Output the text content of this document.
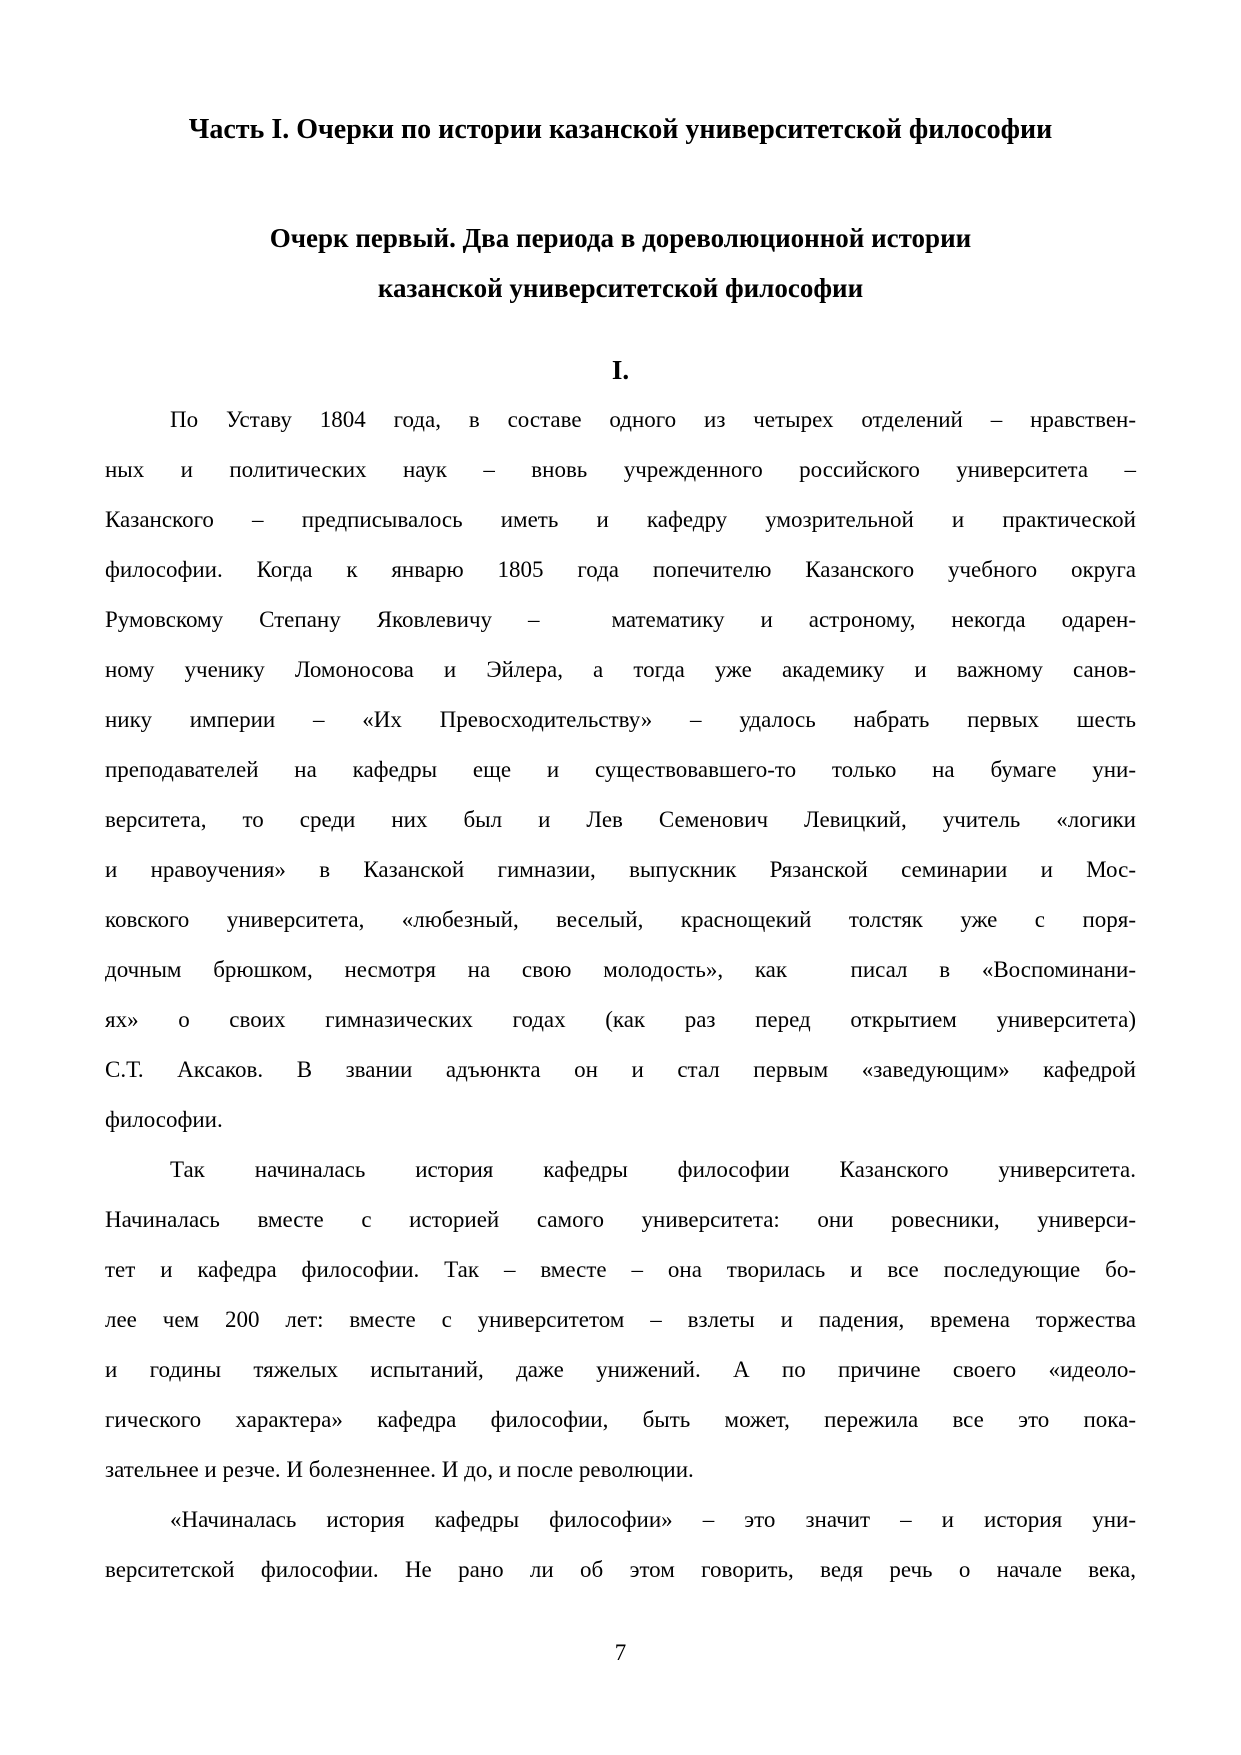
Часть I. Очерки по истории казанской университетской философии
Очерк первый. Два периода в дореволюционной истории
казанской университетской философии
I.
По Уставу 1804 года, в составе одного из четырех отделений – нравствен-
ных и политических наук – вновь учрежденного российского университета –
Казанского – предписывалось иметь и кафедру умозрительной и практической
философии. Когда к январю 1805 года попечителю Казанского учебного округа
Румовскому Степану Яковлевичу –  математику и астроному, некогда одарен-
ному ученику Ломоносова и Эйлера, а тогда уже академику и важному санов-
нику империи – «Их Превосходительству» – удалось набрать первых шесть
преподавателей на кафедры еще и существовавшего-то только на бумаге уни-
верситета, то среди них был и Лев Семенович Левицкий, учитель «логики
и нравоучения» в Казанской гимназии, выпускник Рязанской семинарии и Мос-
ковского университета, «любезный, веселый, краснощекий толстяк уже с поря-
дочным брюшком, несмотря на свою молодость», как  писал в «Воспоминани-
ях» о своих гимназических годах (как раз перед открытием университета)
С.Т. Аксаков. В звании адъюнкта он и стал первым «заведующим» кафедрой
философии.
Так начиналась история кафедры философии Казанского университета.
Начиналась вместе с историей самого университета: они ровесники, универси-
тет и кафедра философии. Так – вместе – она творилась и все последующие бо-
лее чем 200 лет: вместе с университетом – взлеты и падения, времена торжества
и годины тяжелых испытаний, даже унижений. А по причине своего «идеоло-
гического характера» кафедра философии, быть может, пережила все это пока-
зательнее и резче. И болезненнее. И до, и после революции.
«Начиналась история кафедры философии» – это значит – и история уни-
верситетской философии. Не рано ли об этом говорить, ведя речь о начале века,
7
